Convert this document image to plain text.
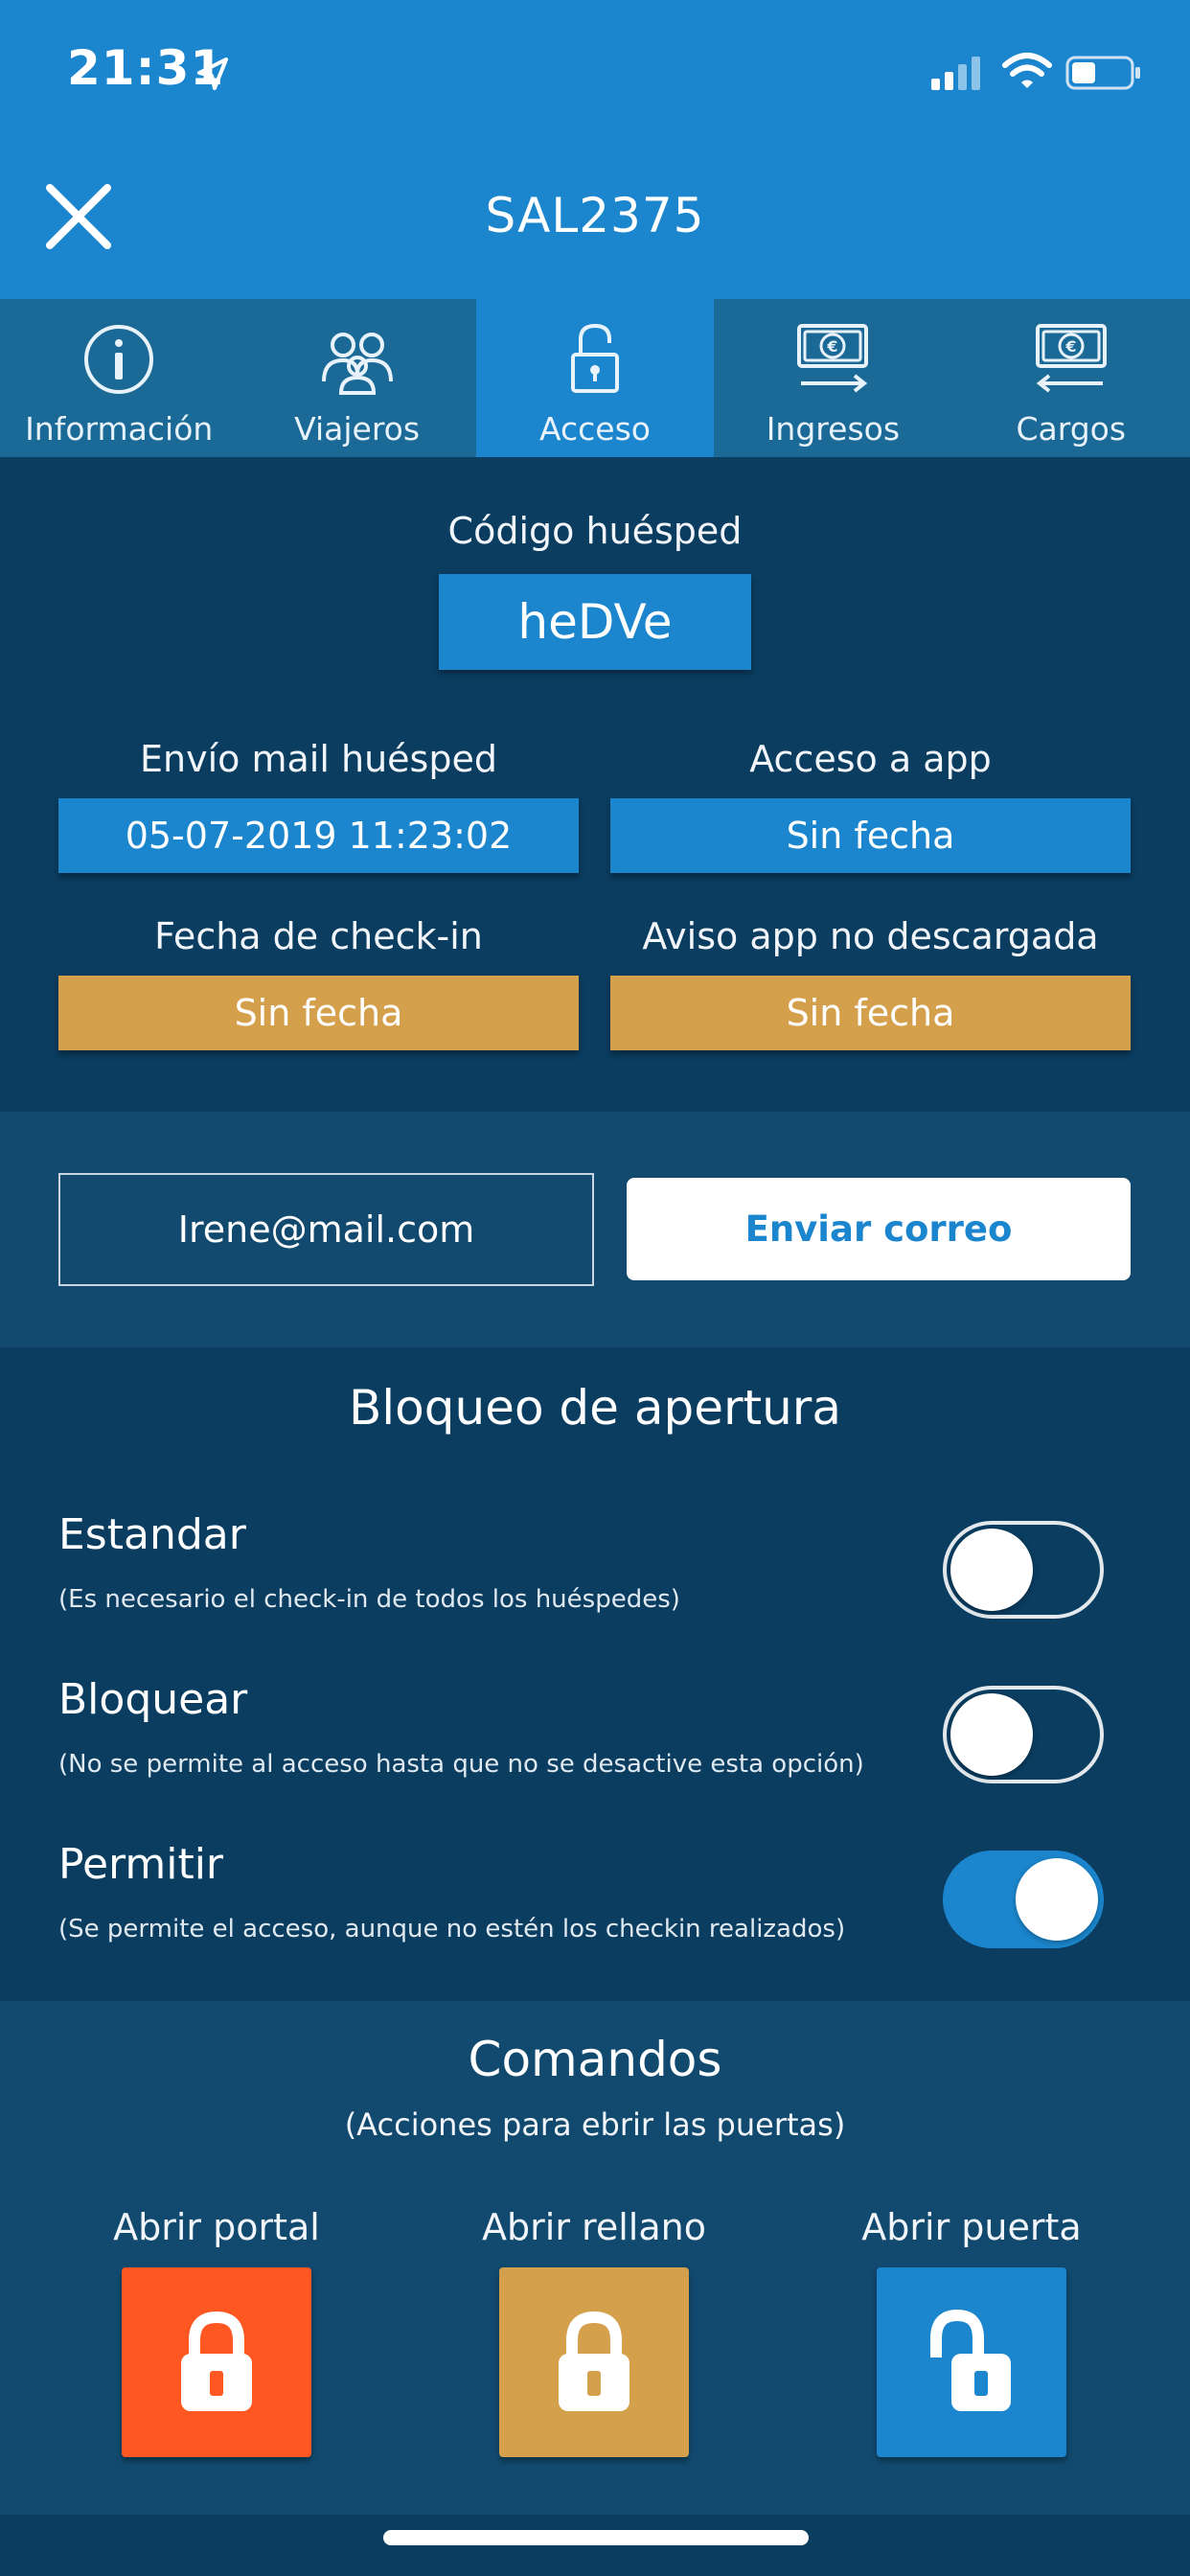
21:31
SAL2375
Información	Viajeros	Acceso
€
Ingresos
€
Cargos
Código huésped
heDVe
Envío mail huésped	Acceso a app
05-07-2019 11:23:02	Sin fecha
Fecha de check-in	Aviso app no descargada
Sin fecha	Sin fecha
Irene@mail.com	Enviar correo
Bloqueo de apertura
Estandar
(Es necesario el check-in de todos los huéspedes)
Bloquear
(No se permite al acceso hasta que no se desactive esta opción)
Permitir
(Se permite el acceso, aunque no estén los checkin realizados)
Comandos
(Acciones para ebrir las puertas)
Abrir portal	Abrir rellano	Abrir puerta
